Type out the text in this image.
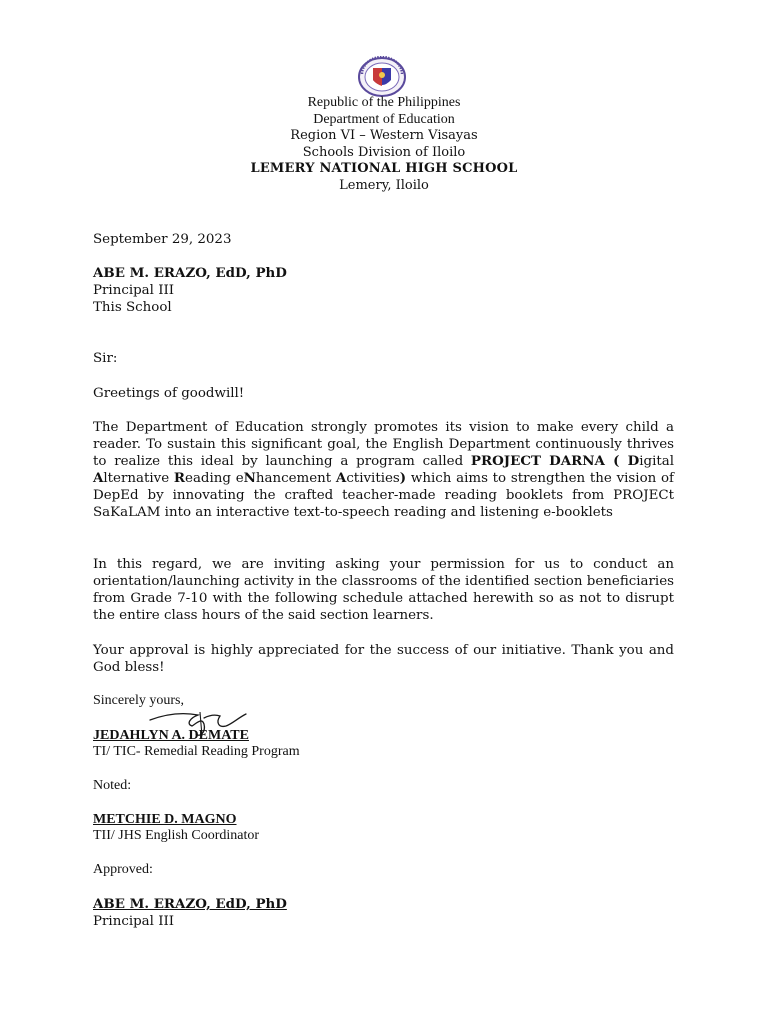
Republic of the Philippines
Department of Education
Region VI – Western Visayas
Schools Division of Iloilo
LEMERY NATIONAL HIGH SCHOOL
Lemery, Iloilo
September 29, 2023
ABE M. ERAZO, EdD, PhD
Principal III
This School
Sir:
Greetings of goodwill!
The Department of Education strongly promotes its vision to make every child a reader. To sustain this significant goal, the English Department continuously thrives to realize this ideal by launching a program called PROJECT DARNA ( Digital Alternative Reading eNhancement Activities) which aims to strengthen the vision of DepEd by innovating the crafted teacher-made reading booklets from PROJECt SaKaLAM into an interactive text-to-speech reading and listening e-booklets
In this regard, we are inviting asking your permission for us to conduct an orientation/launching activity in the classrooms of the identified section beneficiaries from Grade 7-10 with the following schedule attached herewith so as not to disrupt the entire class hours of the said section learners.
Your approval is highly appreciated for the success of our initiative. Thank you and God bless!
Sincerely yours,
JEDAHLYN A. DEMATE
TI/ TIC- Remedial Reading Program
Noted:
METCHIE D. MAGNO
TII/ JHS English Coordinator
Approved:
ABE M. ERAZO, EdD, PhD
Principal III
